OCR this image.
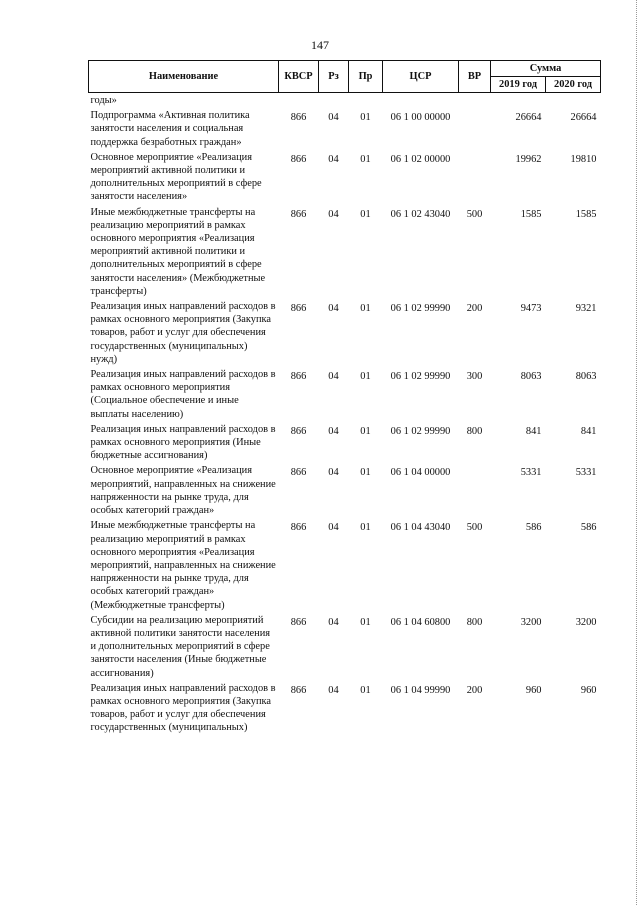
147
Наименование	КВСР	Рз	Пр	ЦСР	ВР	Сумма	
						2019 год	2020 год
годы»							
Подпрограмма «Активная политика занятости населения и социальная поддержка безработных граждан»	866	04	01	06 1 00 00000		26664	26664
Основное мероприятие «Реализация мероприятий активной политики и дополнительных мероприятий в сфере занятости населения»	866	04	01	06 1 02 00000		19962	19810
Иные межбюджетные трансферты на реализацию мероприятий в рамках основного мероприятия «Реализация мероприятий активной политики и дополнительных мероприятий в сфере занятости населения» (Межбюджетные трансферты)	866	04	01	06 1 02 43040	500	1585	1585
Реализация иных направлений расходов в рамках основного мероприятия (Закупка товаров, работ и услуг для обеспечения государственных (муниципальных) нужд)	866	04	01	06 1 02 99990	200	9473	9321
Реализация иных направлений расходов в рамках основного мероприятия (Социальное обеспечение и иные выплаты населению)	866	04	01	06 1 02 99990	300	8063	8063
Реализация иных направлений расходов в рамках основного мероприятия (Иные бюджетные ассигнования)	866	04	01	06 1 02 99990	800	841	841
Основное мероприятие «Реализация мероприятий, направленных на снижение напряженности на рынке труда, для особых категорий граждан»	866	04	01	06 1 04 00000		5331	5331
Иные межбюджетные трансферты на реализацию мероприятий в рамках основного мероприятия «Реализация мероприятий, направленных на снижение напряженности на рынке труда, для особых категорий граждан» (Межбюджетные трансферты)	866	04	01	06 1 04 43040	500	586	586
Субсидии на реализацию мероприятий активной политики занятости населения и дополнительных мероприятий в сфере занятости населения (Иные бюджетные ассигнования)	866	04	01	06 1 04 60800	800	3200	3200
Реализация иных направлений расходов в рамках основного мероприятия (Закупка товаров, работ и услуг для обеспечения государственных (муниципальных)	866	04	01	06 1 04 99990	200	960	960
